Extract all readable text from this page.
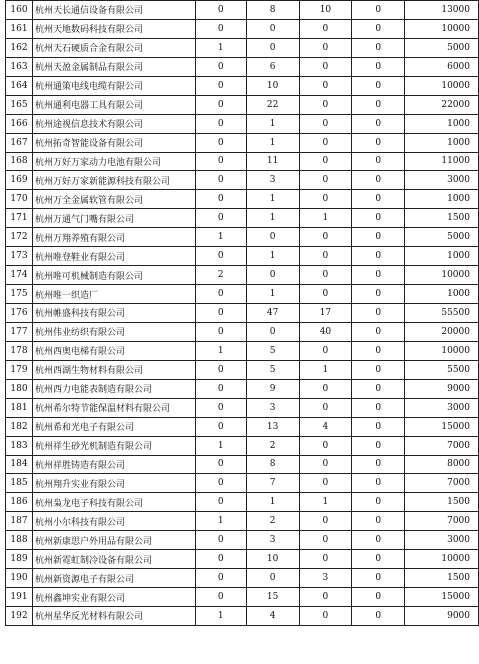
160	杭州天长通信设备有限公司	0	8	10	0	13000
161	杭州天地数码科技有限公司	0	0	0	0	10000
162	杭州天石硬质合金有限公司	1	0	0	0	5000
163	杭州天盈金属制品有限公司	0	6	0	0	6000
164	杭州通策电线电缆有限公司	0	10	0	0	10000
165	杭州通利电器工具有限公司	0	22	0	0	22000
166	杭州途视信息技术有限公司	0	1	0	0	1000
167	杭州拓奇智能设备有限公司	0	1	0	0	1000
168	杭州万好万家动力电池有限公司	0	11	0	0	11000
169	杭州万好万家新能源科技有限公司	0	3	0	0	3000
170	杭州万全金属软管有限公司	0	1	0	0	1000
171	杭州万通气门嘴有限公司	0	1	1	0	1500
172	杭州万翔养殖有限公司	1	0	0	0	5000
173	杭州唯登鞋业有限公司	0	1	0	0	1000
174	杭州唯可机械制造有限公司	2	0	0	0	10000
175	杭州唯一织造厂	0	1	0	0	1000
176	杭州帷盛科技有限公司	0	47	17	0	55500
177	杭州伟业纺织有限公司	0	0	40	0	20000
178	杭州西奥电梯有限公司	1	5	0	0	10000
179	杭州西湖生物材料有限公司	0	5	1	0	5500
180	杭州西力电能表制造有限公司	0	9	0	0	9000
181	杭州希尔特节能保温材料有限公司	0	3	0	0	3000
182	杭州希和光电子有限公司	0	13	4	0	15000
183	杭州祥生砂光机制造有限公司	1	2	0	0	7000
184	杭州祥胜铸造有限公司	0	8	0	0	8000
185	杭州翔升实业有限公司	0	7	0	0	7000
186	杭州枭龙电子科技有限公司	0	1	1	0	1500
187	杭州小尔科技有限公司	1	2	0	0	7000
188	杭州新康思户外用品有限公司	0	3	0	0	3000
189	杭州新霓虹制冷设备有限公司	0	10	0	0	10000
190	杭州新资源电子有限公司	0	0	3	0	1500
191	杭州鑫坤实业有限公司	0	15	0	0	15000
192	杭州星华反光材料有限公司	1	4	0	0	9000
